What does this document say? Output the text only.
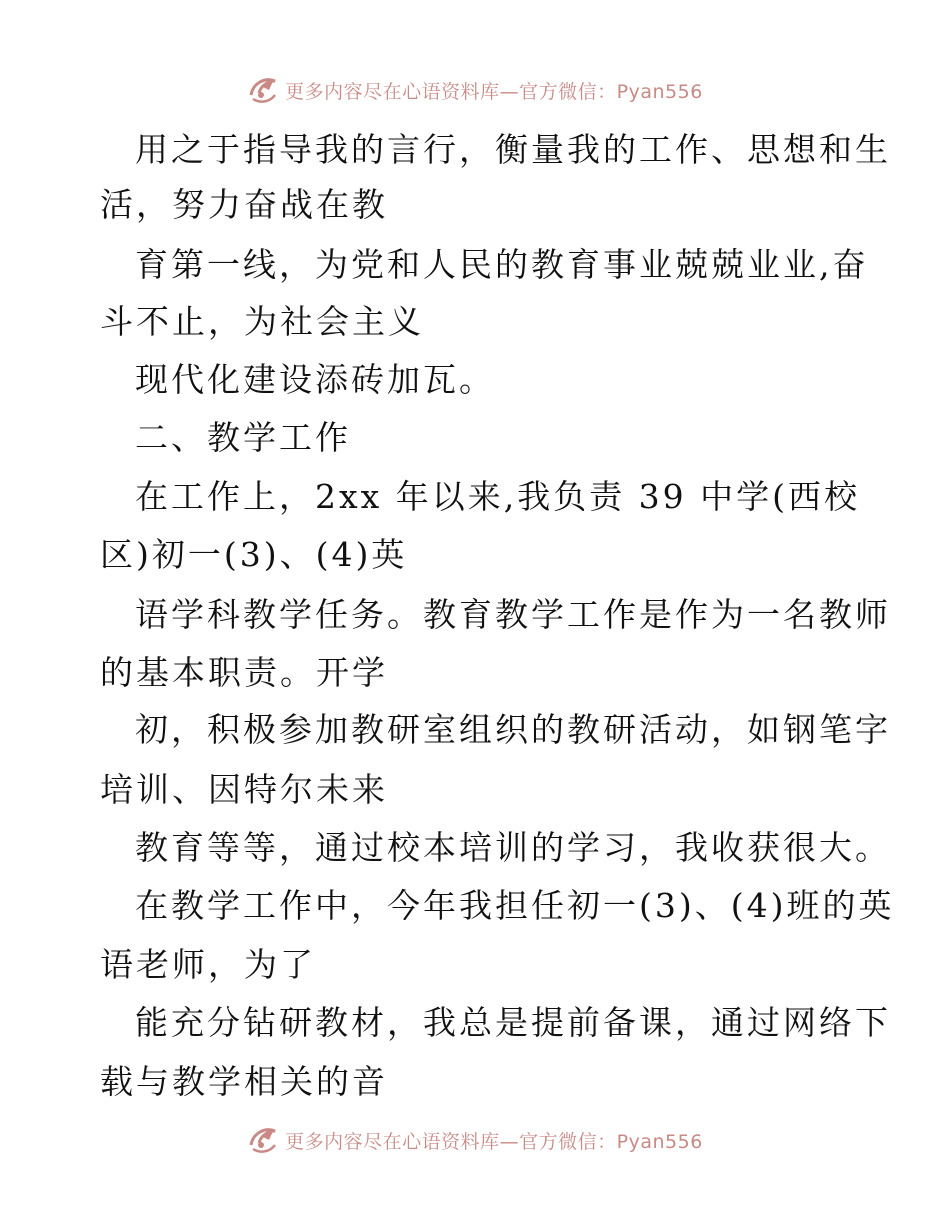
更多内容尽在心语资料库—官方微信：Pyan556
用之于指导我的言行，衡量我的工作、思想和生
活，努力奋战在教
育第一线，为党和人民的教育事业兢兢业业,奋
斗不止，为社会主义
现代化建设添砖加瓦。
二、教学工作
在工作上，2xx 年以来,我负责 39 中学(西校
区)初一(3)、(4)英
语学科教学任务。教育教学工作是作为一名教师
的基本职责。开学
初，积极参加教研室组织的教研活动，如钢笔字
培训、因特尔未来
教育等等，通过校本培训的学习，我收获很大。
在教学工作中，今年我担任初一(3)、(4)班的英
语老师，为了
能充分钻研教材，我总是提前备课，通过网络下
载与教学相关的音
更多内容尽在心语资料库—官方微信：Pyan556
